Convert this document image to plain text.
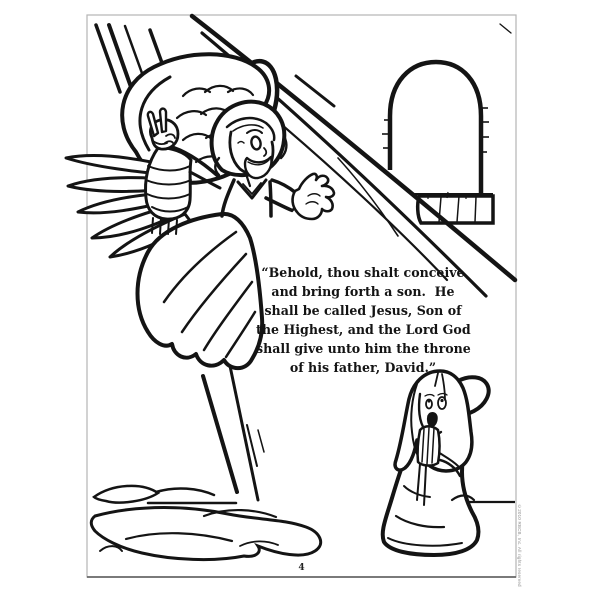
“Behold, thou shalt conceive
and bring forth a son.  He
shall be called Jesus, Son of
the Highest, and the Lord God
shall give unto him the throne
of his father, David.”
4	©2010 RBCB, Inc. All rights reserved
